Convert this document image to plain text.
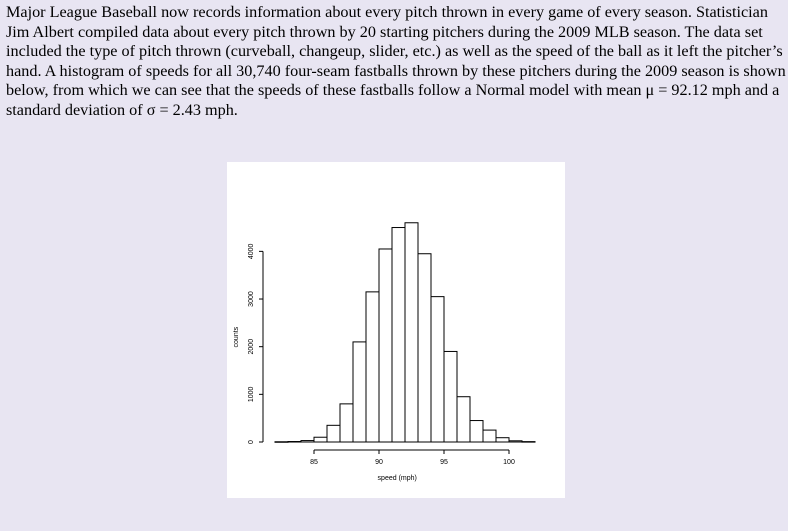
Major League Baseball now records information about every pitch thrown in every game of every season. Statistician Jim Albert compiled data about every pitch thrown by 20 starting pitchers during the 2009 MLB season. The data set included the type of pitch thrown (curveball, changeup, slider, etc.) as well as the speed of the ball as it left the pitcher’s hand. A histogram of speeds for all 30,740 four-seam fastballs thrown by these pitchers during the 2009 season is shown below, from which we can see that the speeds of these fastballs follow a Normal model with mean μ = 92.12 mph and a standard deviation of σ = 2.43 mph.

85	90	95	100
0
1000
2000
3000
4000
speed (mph)
counts
